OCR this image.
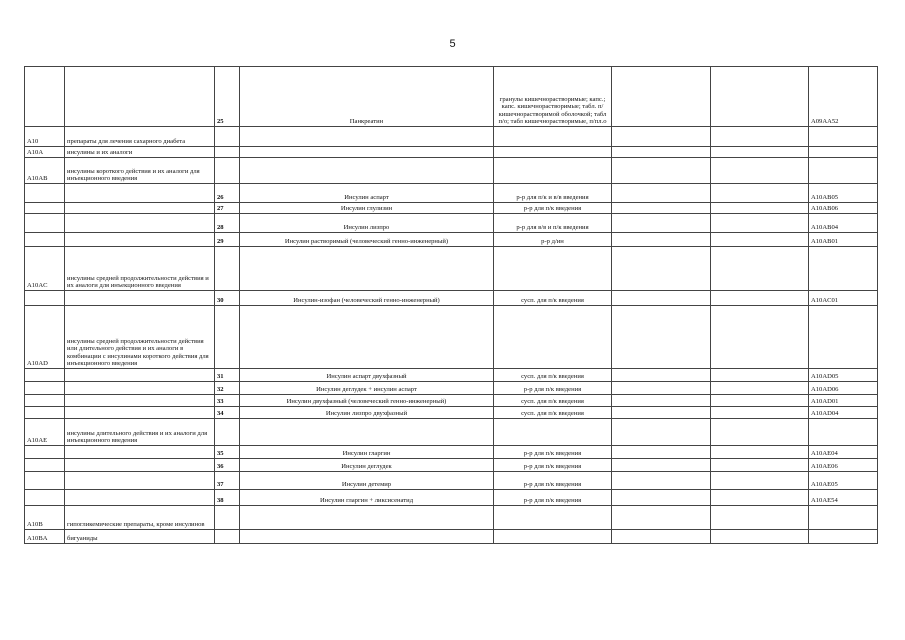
5
		25	Панкреатин	гранулы кишечнорастворимые; капс.; капс. кишечнорастворимые; табл. п/кишечнорастворимой оболочкой; табл п/о; табл кишечнорастворимые, п/пл.о			A09AA52
A10	препараты для лечения сахарного диабета						
A10A	инсулины и их аналоги						
A10AB	инсулины короткого действия и их аналоги для инъекционного введения						
		26	Инсулин аспарт	р-р для п/к и в/в введения			A10AB05
		27	Инсулин глулизин	р-р для п/к введения			A10AB06
		28	Инсулин лизпро	р-р для в/в и п/к введения			A10AB04
		29	Инсулин растворимый (человеческий генно-инженерный)	р-р д/ин			A10AB01
A10AC	инсулины средней продолжительности действия и их аналоги для инъекционного введения						
		30	Инсулин-изофан (человеческий генно-инженерный)	сусп. для п/к введения			A10AC01
A10AD	инсулины средней продолжительности действия или длительного действия и их аналоги в комбинации с инсулинами короткого действия для инъекционного введения						
		31	Инсулин аспарт двухфазный	сусп. для п/к введения			A10AD05
		32	Инсулин деглудек + инсулин аспарт	р-р для п/к введения			A10AD06
		33	Инсулин двухфазный (человеческий генно-инженерный)	сусп. для п/к введения			A10AD01
		34	Инсулин лизпро двухфазный	сусп. для п/к введения			A10AD04
A10AE	инсулины длительного действия и их аналоги для инъекционного введения						
		35	Инсулин гларгин	р-р для п/к введения			A10AE04
		36	Инсулин деглудек	р-р для п/к введения			A10AE06
		37	Инсулин детемир	р-р для п/к введения			A10AE05
		38	Инсулин гларгин + ликсисенатид	р-р для п/к введения			A10AE54
A10B	гипогликемические препараты, кроме инсулинов						
A10BA	бигуаниды						
